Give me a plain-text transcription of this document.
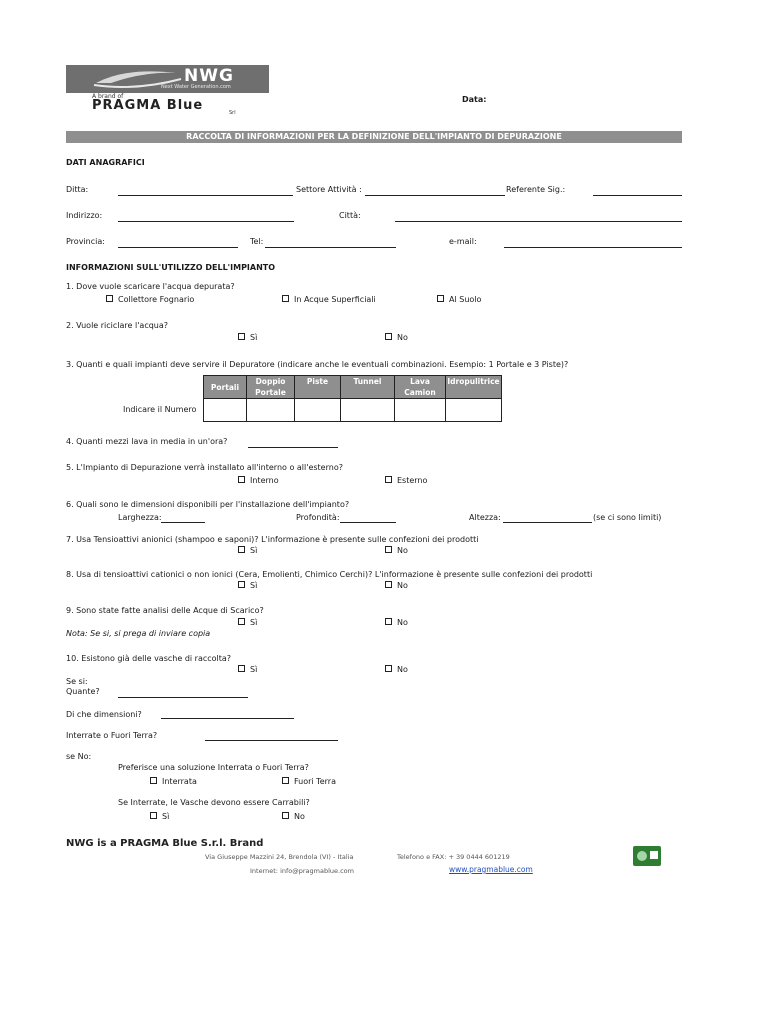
NWG
Next Water Generation.com
A brand of
PRAGMA Blue	Srl
Data:
RACCOLTA DI INFORMAZIONI PER LA DEFINIZIONE DELL'IMPIANTO DI DEPURAZIONE
DATI ANAGRAFICI
Ditta:	Settore Attività :	Referente Sig.:
Indirizzo:	Città:
Provincia:	Tel:	e-mail:
INFORMAZIONI SULL'UTILIZZO DELL'IMPIANTO
1. Dove vuole scaricare l'acqua depurata?
Collettore Fognario	In Acque Superficiali	Al Suolo
2. Vuole riciclare l'acqua?
Sì	No
3. Quanti e quali impianti deve servire il Depuratore (indicare anche le eventuali combinazioni. Esempio: 1 Portale e 3 Piste)?
Indicare il Numero
Portali	Doppio Portale	Piste	Tunnel	Lava Camion	Idropulitrice

4. Quanti mezzi lava in media in un'ora?
5. L'Impianto di Depurazione verrà installato all'interno o all'esterno?
Interno	Esterno
6. Quali sono le dimensioni disponibili per l'installazione dell'impianto?
Larghezza:	Profondità:	Altezza:	(se ci sono limiti)
7. Usa Tensioattivi anionici (shampoo e saponi)? L'informazione è presente sulle confezioni dei prodotti
Sì	No
8. Usa di tensioattivi cationici o non ionici (Cera, Emolienti, Chimico Cerchi)? L'informazione è presente sulle confezioni dei prodotti
Sì	No
9. Sono state fatte analisi delle Acque di Scarico?
Sì	No
Nota: Se si, si prega di inviare copia
10. Esistono già delle vasche di raccolta?
Sì	No
Se si:
Quante?
Di che dimensioni?
Interrate o Fuori Terra?
se No:
Preferisce una soluzione Interrata o Fuori Terra?
Interrata	Fuori Terra
Se Interrate, le Vasche devono essere Carrabili?
Sì	No
NWG is a PRAGMA Blue S.r.l. Brand
Via Giuseppe Mazzini 24, Brendola (VI) - Italia	Telefono e FAX: + 39 0444 601219
Internet: info@pragmablue.com	www.pragmablue.com
